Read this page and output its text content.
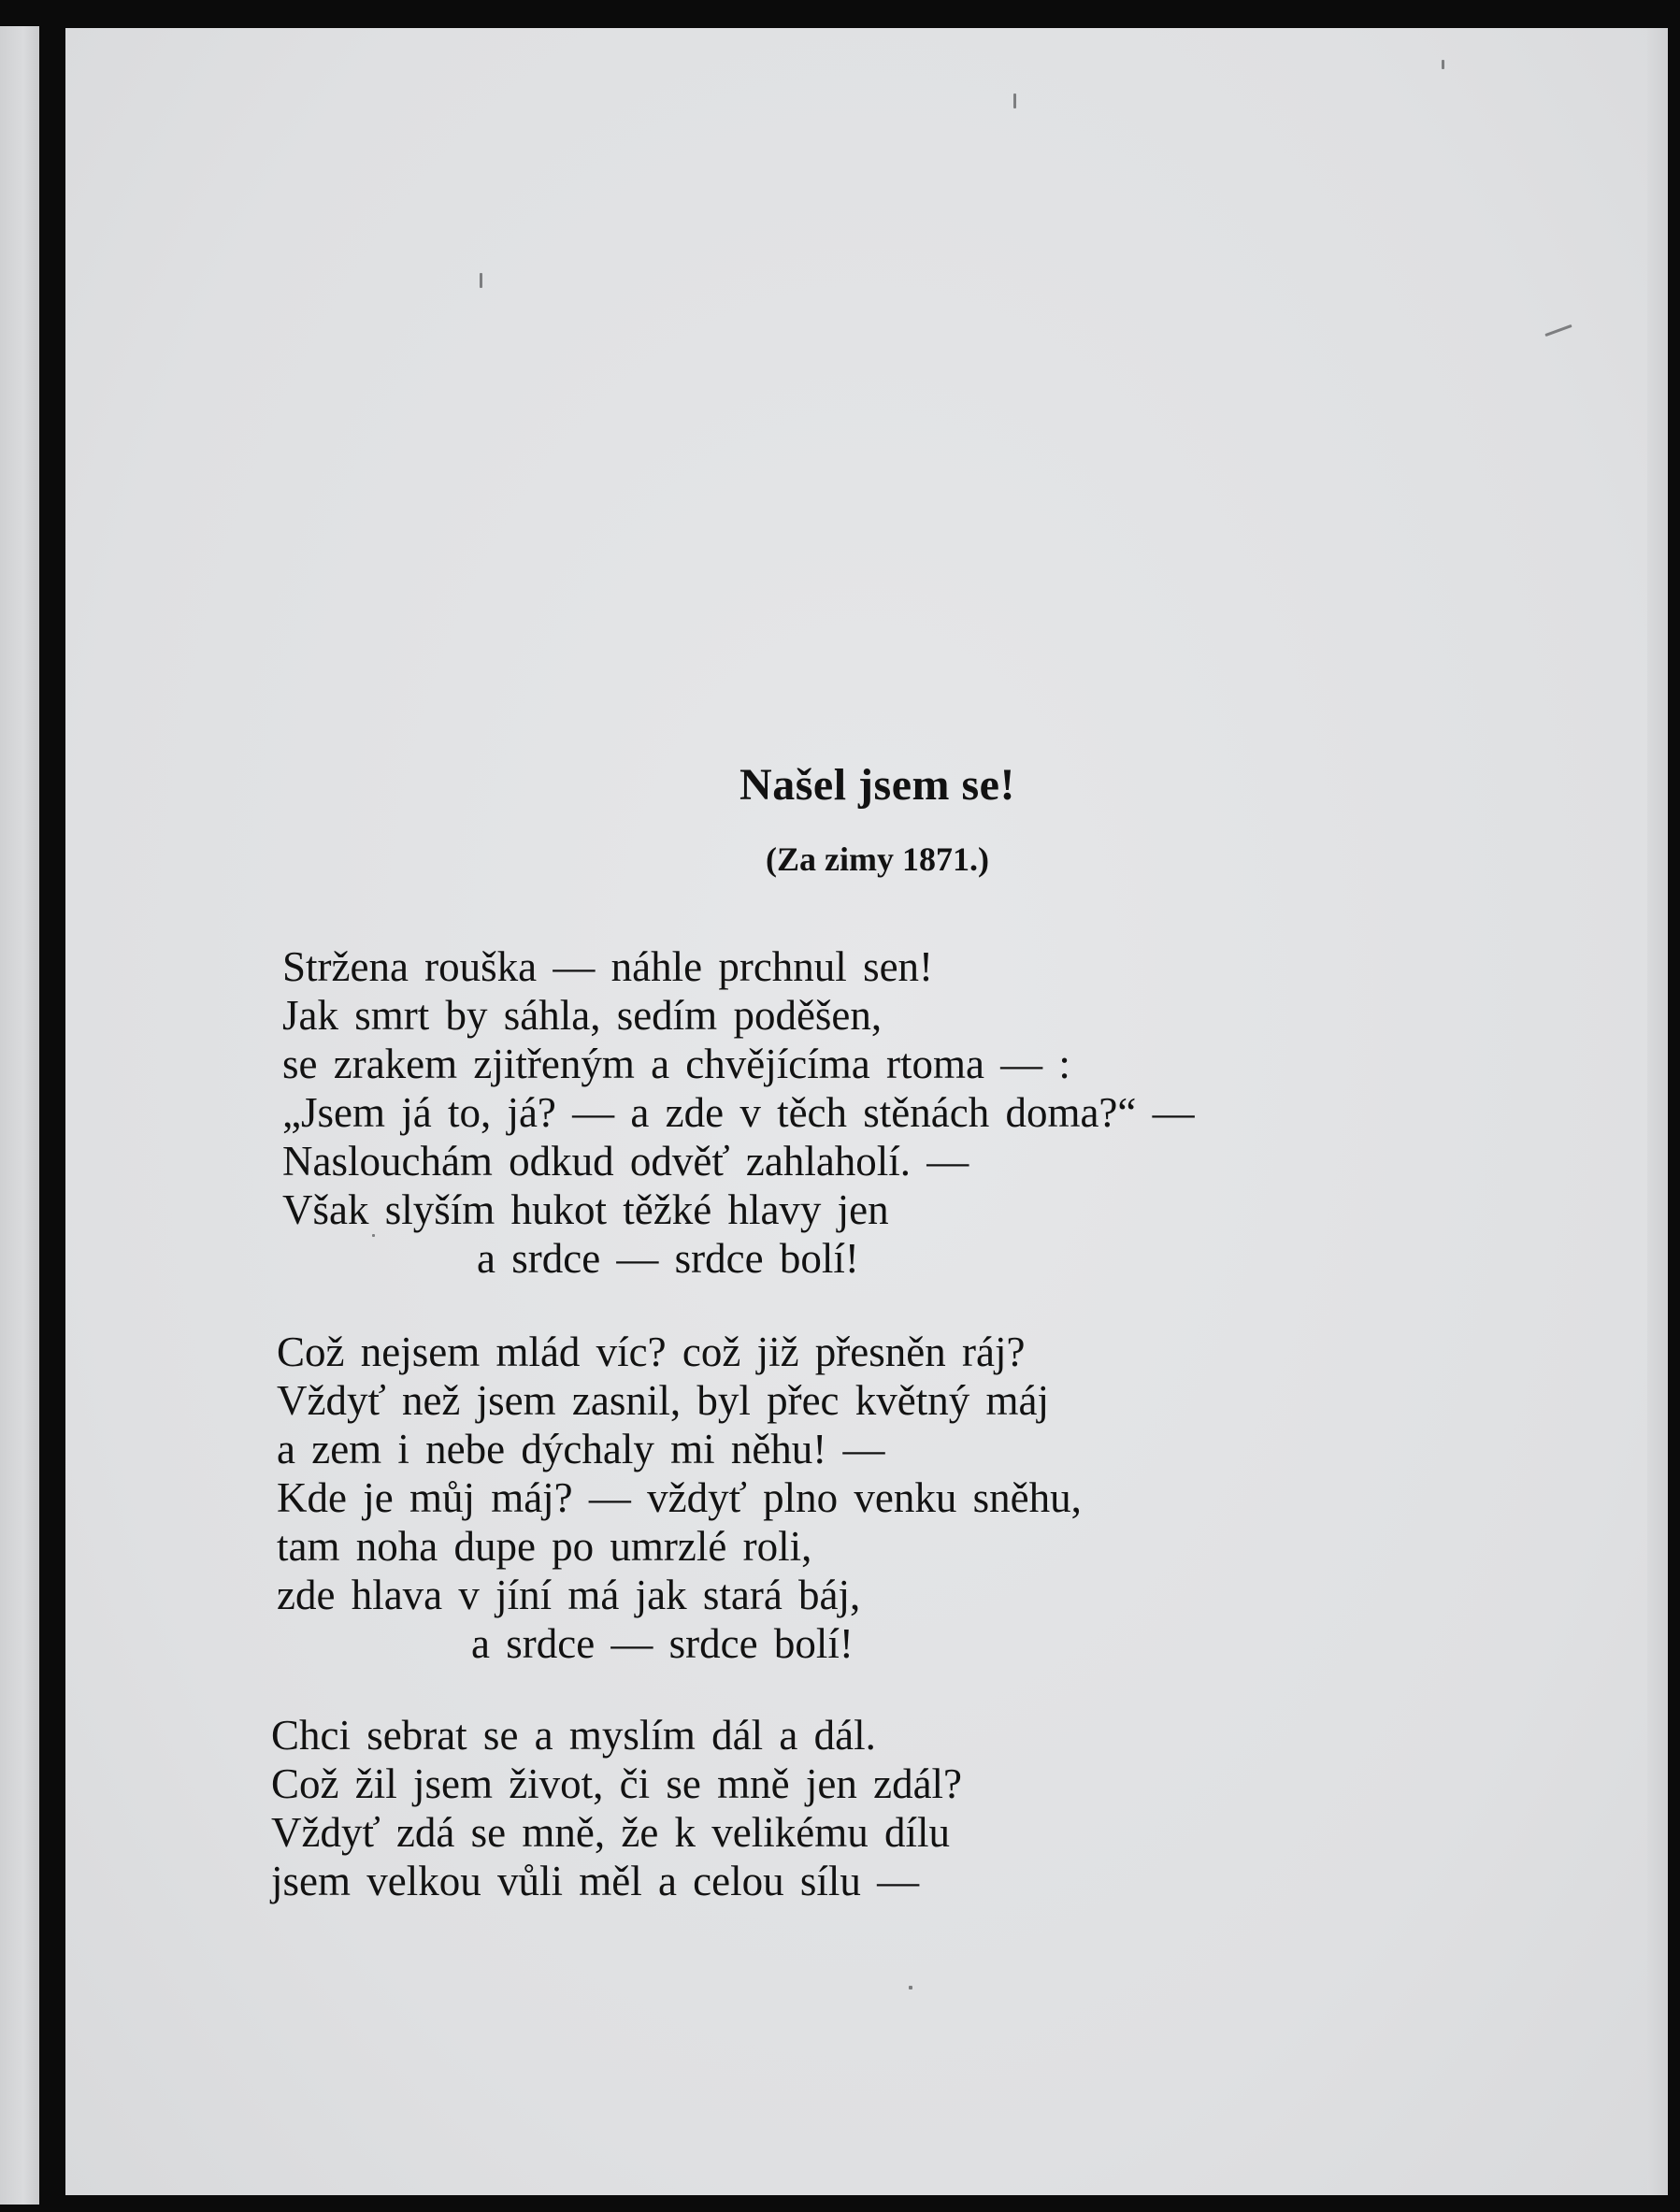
Našel jsem se!
(Za zimy 1871.)
Stržena rouška — náhle prchnul sen!
Jak smrt by sáhla, sedím poděšen,
se zrakem zjitřeným a chvějícíma rtoma — :
„Jsem já to, já? — a zde v těch stěnách doma?“ —
Naslouchám odkud odvěť zahlaholí. —
Však slyším hukot těžké hlavy jen
a srdce — srdce bolí!
Což nejsem mlád víc? což již přesněn ráj?
Vždyť než jsem zasnil, byl přec květný máj
a zem i nebe dýchaly mi něhu! —
Kde je můj máj? — vždyť plno venku sněhu,
tam noha dupe po umrzlé roli,
zde hlava v jíní má jak stará báj,
a srdce — srdce bolí!
Chci sebrat se a myslím dál a dál.
Což žil jsem život, či se mně jen zdál?
Vždyť zdá se mně, že k velikému dílu
jsem velkou vůli měl a celou sílu —
